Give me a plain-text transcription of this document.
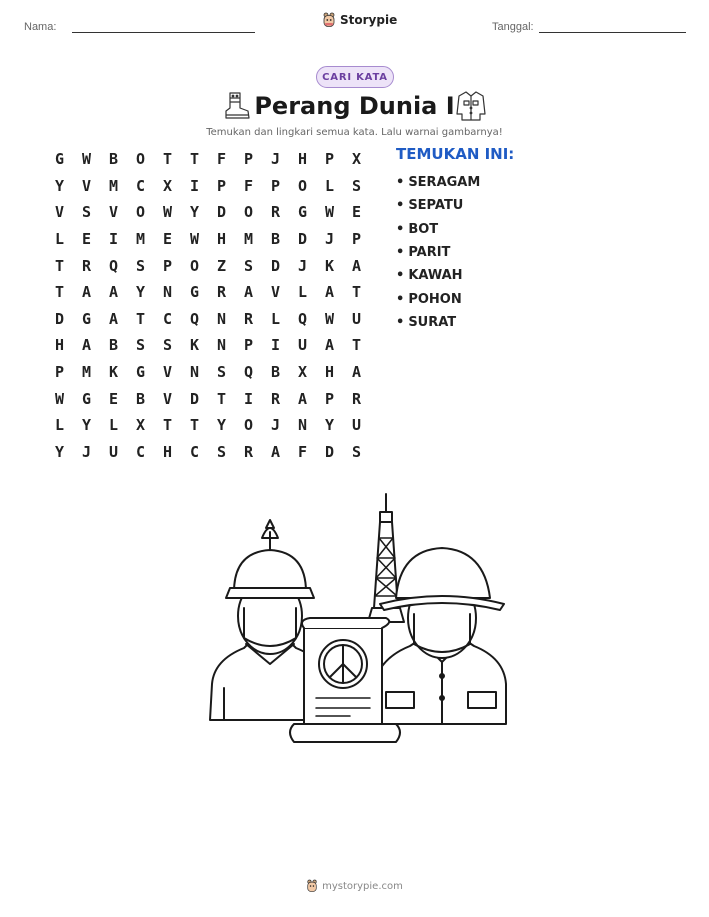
Nama:	Storypie	Tanggal:
CARI KATA
Perang Dunia I
Temukan dan lingkari semua kata. Lalu warnai gambarnya!
G	W	B	O	T	T	F	P	J	H	P	X
Y	V	M	C	X	I	P	F	P	O	L	S
V	S	V	O	W	Y	D	O	R	G	W	E
L	E	I	M	E	W	H	M	B	D	J	P
T	R	Q	S	P	O	Z	S	D	J	K	A
T	A	A	Y	N	G	R	A	V	L	A	T
D	G	A	T	C	Q	N	R	L	Q	W	U
H	A	B	S	S	K	N	P	I	U	A	T
P	M	K	G	V	N	S	Q	B	X	H	A
W	G	E	B	V	D	T	I	R	A	P	R
L	Y	L	X	T	T	Y	O	J	N	Y	U
Y	J	U	C	H	C	S	R	A	F	D	S
TEMUKAN INI:
• SERAGAM
• SEPATU
• BOT
• PARIT
• KAWAH
• POHON
• SURAT
mystorypie.com
